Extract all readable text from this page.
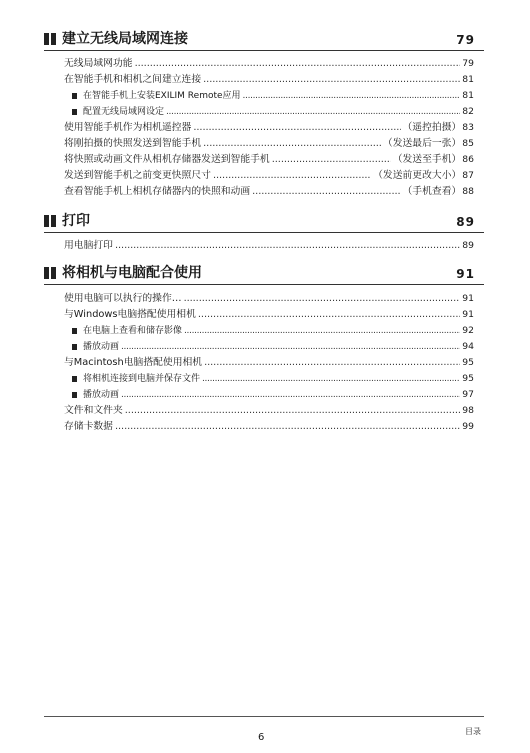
建立无线局域网连接	79
无线局域网功能 . . .	79
在智能手机和相机之间建立连接 . . .	81
在智能手机上安装EXILIM Remote应用 . . .	81
配置无线局域网设定 . . .	82
使用智能手机作为相机遥控器 . . .	（遥控拍摄） 83
将刚拍摄的快照发送到智能手机 . . .	（发送最后一张） 85
将快照或动画文件从相机存储器发送到智能手机 . . .	（发送至手机） 86
发送到智能手机之前变更快照尺寸 . . .	（发送前更改大小） 87
查看智能手机上相机存储器内的快照和动画 . . .	（手机查看） 88
打印	89
用电脑打印 . . .	89
将相机与电脑配合使用	91
使用电脑可以执行的操作… . . .	91
与Windows电脑搭配使用相机 . . .	91
在电脑上查看和储存影像 . . .	92
播放动画 . . .	94
与Macintosh电脑搭配使用相机 . . .	95
将相机连接到电脑并保存文件 . . .	95
播放动画 . . .	97
文件和文件夹 . . .	98
存储卡数据 . . .	99
6
目录
